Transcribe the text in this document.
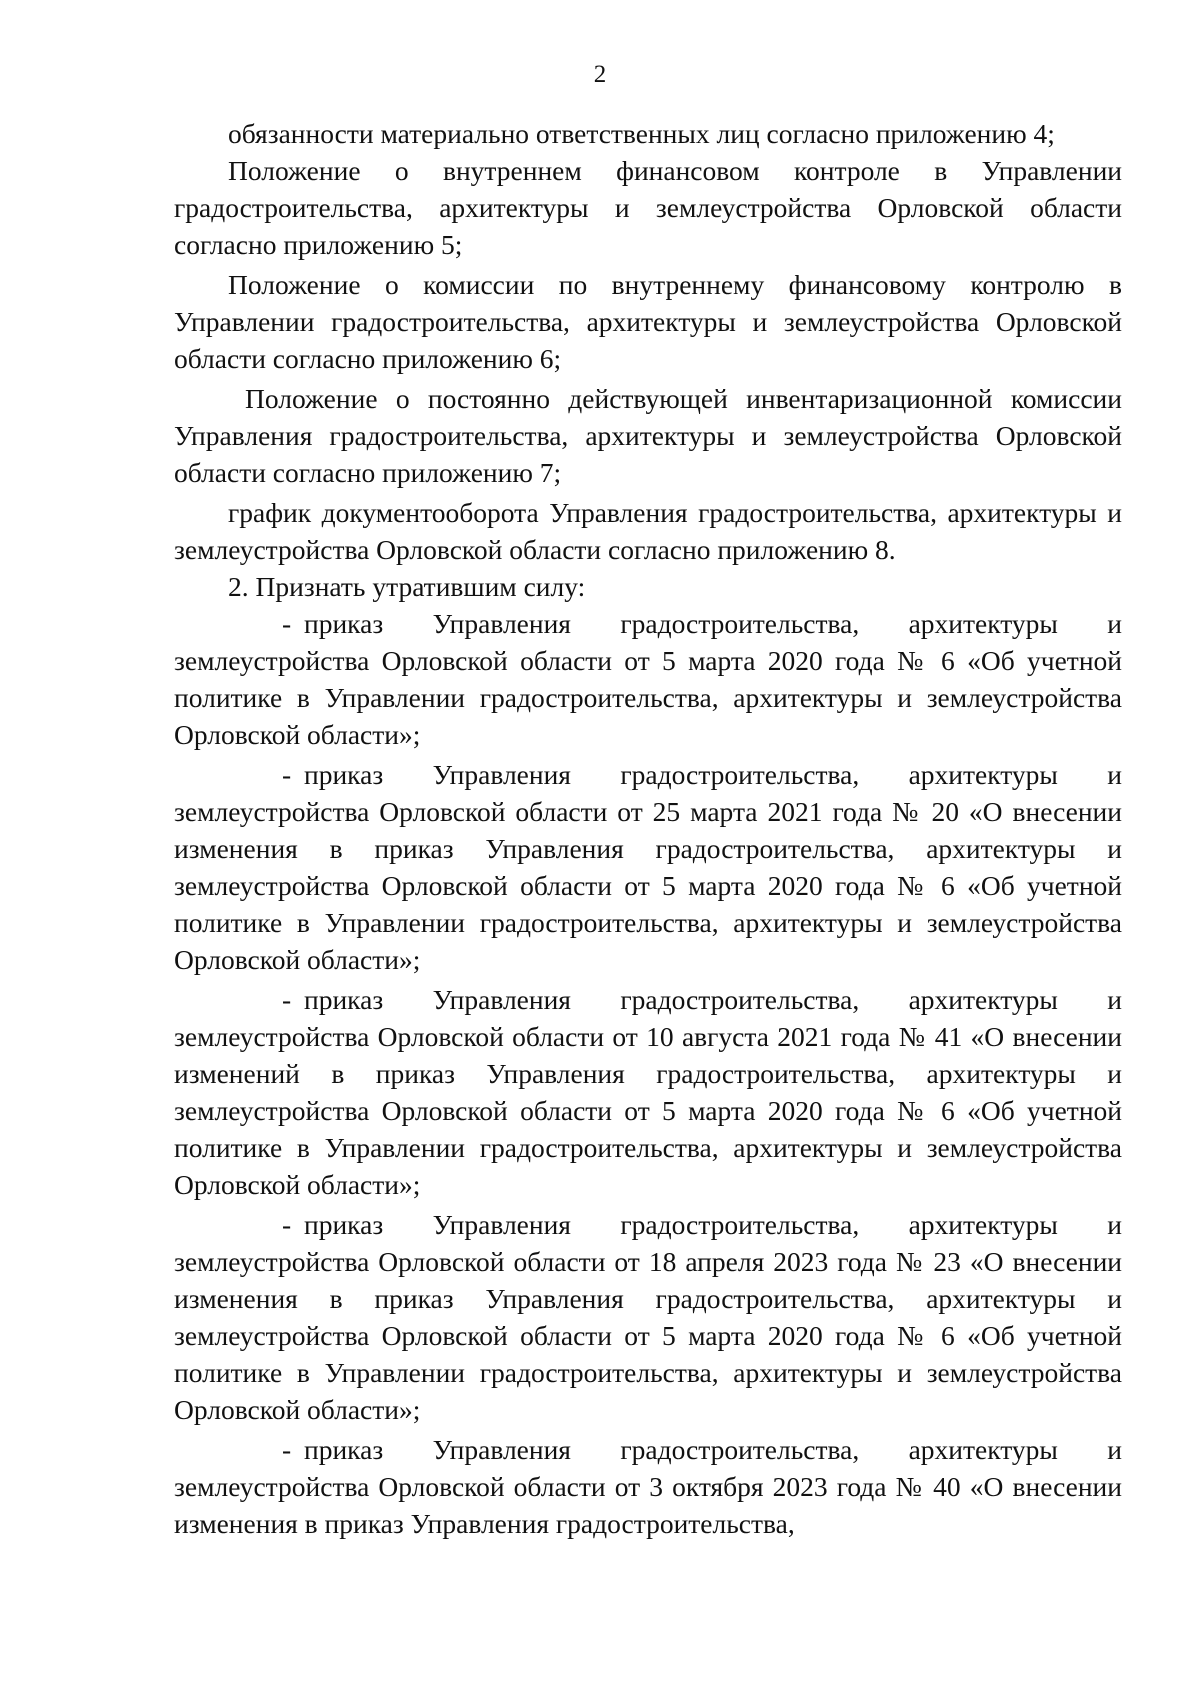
2

обязанности материально ответственных лиц согласно приложению 4;

Положение о внутреннем финансовом контроле в Управлении градостроительства, архитектуры и землеустройства Орловской области согласно приложению 5;

Положение о комиссии по внутреннему финансовому контролю в Управлении градостроительства, архитектуры и землеустройства Орловской области согласно приложению 6;

Положение о постоянно действующей инвентаризационной комиссии Управления градостроительства, архитектуры и землеустройства Орловской области согласно приложению 7;

график документооборота Управления градостроительства, архитектуры и землеустройства Орловской области согласно приложению 8.

2. Признать утратившим силу:

- приказ Управления градостроительства, архитектуры и землеустройства Орловской области от 5 марта 2020 года № 6 «Об учетной политике в Управлении градостроительства, архитектуры и землеустройства Орловской области»;

- приказ Управления градостроительства, архитектуры и землеустройства Орловской области от 25 марта 2021 года № 20 «О внесении изменения в приказ Управления градостроительства, архитектуры и землеустройства Орловской области от 5 марта 2020 года № 6 «Об учетной политике в Управлении градостроительства, архитектуры и землеустройства Орловской области»;

- приказ Управления градостроительства, архитектуры и землеустройства Орловской области от 10 августа 2021 года № 41 «О внесении изменений в приказ Управления градостроительства, архитектуры и землеустройства Орловской области от 5 марта 2020 года № 6 «Об учетной политике в Управлении градостроительства, архитектуры и землеустройства Орловской области»;

- приказ Управления градостроительства, архитектуры и землеустройства Орловской области от 18 апреля 2023 года № 23 «О внесении изменения в приказ Управления градостроительства, архитектуры и землеустройства Орловской области от 5 марта 2020 года № 6 «Об учетной политике в Управлении градостроительства, архитектуры и землеустройства Орловской области»;

- приказ Управления градостроительства, архитектуры и землеустройства Орловской области от 3 октября 2023 года № 40 «О внесении изменения в приказ Управления градостроительства,
